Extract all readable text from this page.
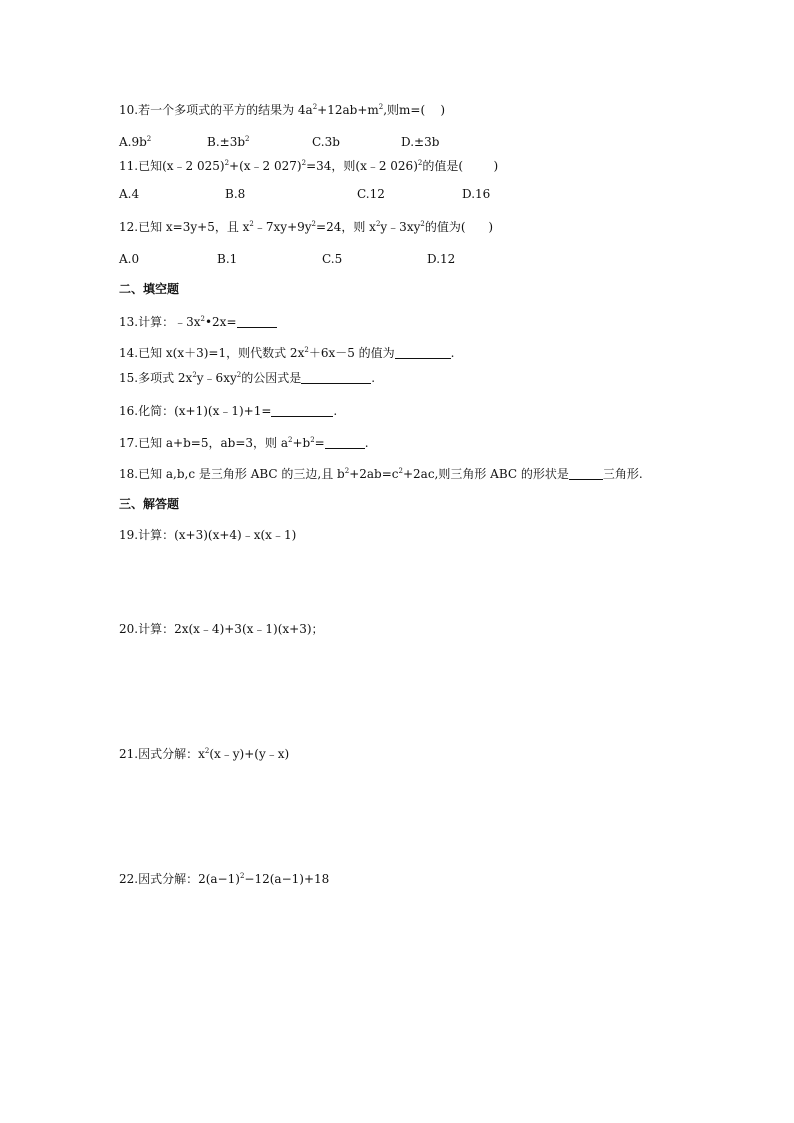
10.若一个多项式的平方的结果为 $4a^2+12ab+m^2$,则m=(    )
$A.9b^2$	$B.\pm 3b^2$	C.3b	D.±3b
11.已知(x﹣2 025)$^2$+(x﹣2 027)$^2$=34，则(x﹣2 026)$^2$的值是(        )
A.4	B.8	C.12	D.16
12.已知 x=3y+5，且 $x^2﹣7xy+9y^2=24$，则 $x^2y﹣3xy^2$的值为(      )
A.0	B.1	C.5	D.12
二、填空题
13.计算：$﹣3x^2•2x=$
14.已知 x(x＋3)=1，则代数式 $2x^2+6x-5$ 的值为	.
15.多项式 $2x^2y﹣6xy^2$的公因式是	.
16.化简：(x+1)(x﹣1)+1=	.
17.已知 a+b=5，ab=3，则 $a^2+b^2=$	.
18.已知 a,b,c 是三角形 ABC 的三边,且 $b^2+2ab=c^2+2ac$,则三角形 ABC 的形状是	三角形.
三、解答题
19.计算：(x+3)(x+4)﹣x(x﹣1)
20.计算：2x(x﹣4)+3(x﹣1)(x+3)；
21.因式分解：$x^2(x﹣y)+(y﹣x)$
22.因式分解：$2(a-1)^2-12(a-1)+18$
